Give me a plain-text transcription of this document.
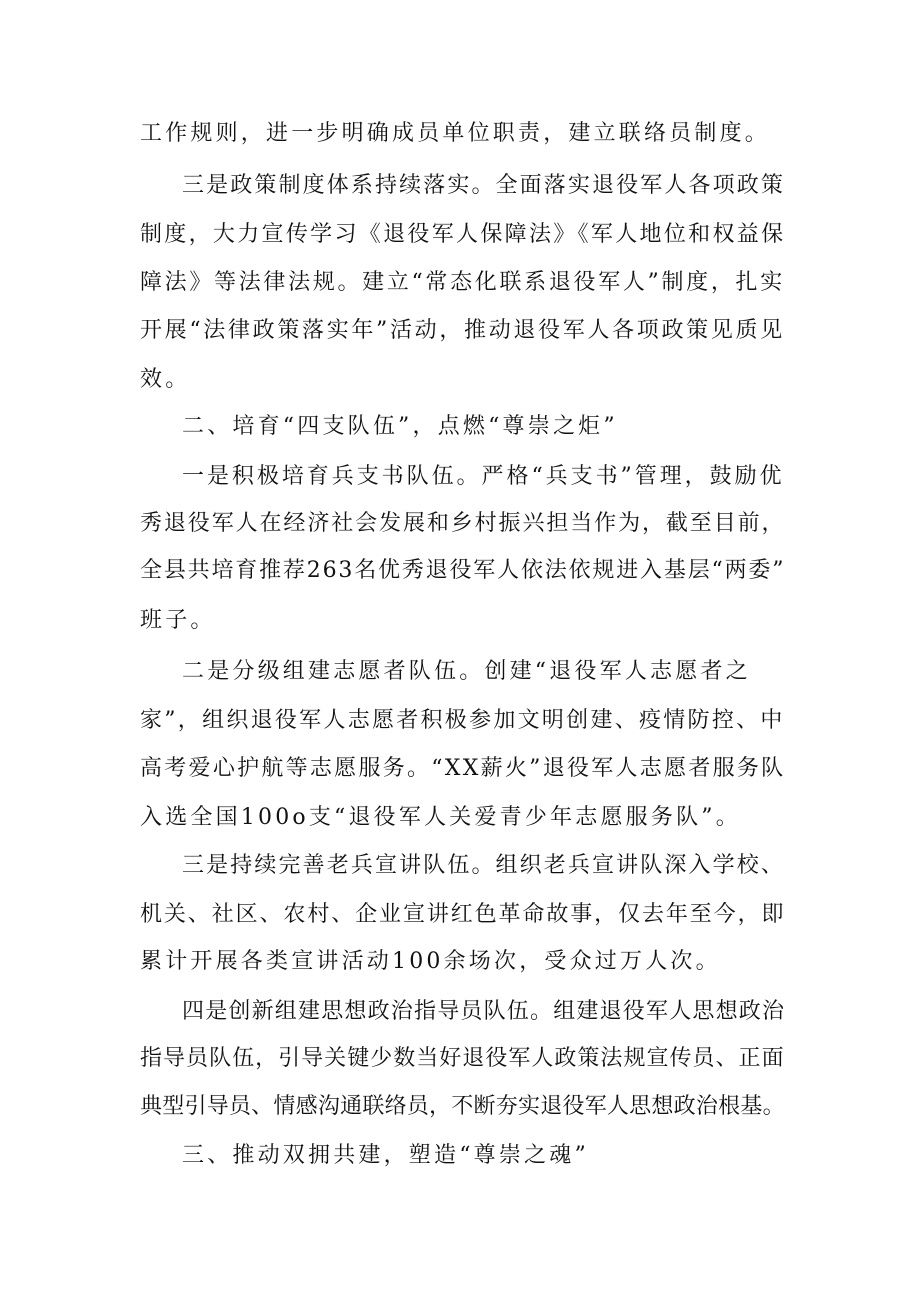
工作规则，进一步明确成员单位职责，建立联络员制度。
三是政策制度体系持续落实。全面落实退役军人各项政策
制度，大力宣传学习《退役军人保障法》《军人地位和权益保
障法》等法律法规。建立“常态化联系退役军人”制度，扎实
开展“法律政策落实年”活动，推动退役军人各项政策见质见
效。
二、培育“四支队伍”，点燃“尊崇之炬”
一是积极培育兵支书队伍。严格“兵支书”管理，鼓励优
秀退役军人在经济社会发展和乡村振兴担当作为，截至目前，
全县共培育推荐263名优秀退役军人依法依规进入基层“两委”
班子。
二是分级组建志愿者队伍。创建“退役军人志愿者之
家”，组织退役军人志愿者积极参加文明创建、疫情防控、中
高考爱心护航等志愿服务。“XX薪火”退役军人志愿者服务队
入选全国100o支“退役军人关爱青少年志愿服务队”。
三是持续完善老兵宣讲队伍。组织老兵宣讲队深入学校、
机关、社区、农村、企业宣讲红色革命故事，仅去年至今，即
累计开展各类宣讲活动100余场次，受众过万人次。
四是创新组建思想政治指导员队伍。组建退役军人思想政治
指导员队伍，引导关键少数当好退役军人政策法规宣传员、正面
典型引导员、情感沟通联络员，不断夯实退役军人思想政治根基。
三、推动双拥共建，塑造“尊崇之魂”
